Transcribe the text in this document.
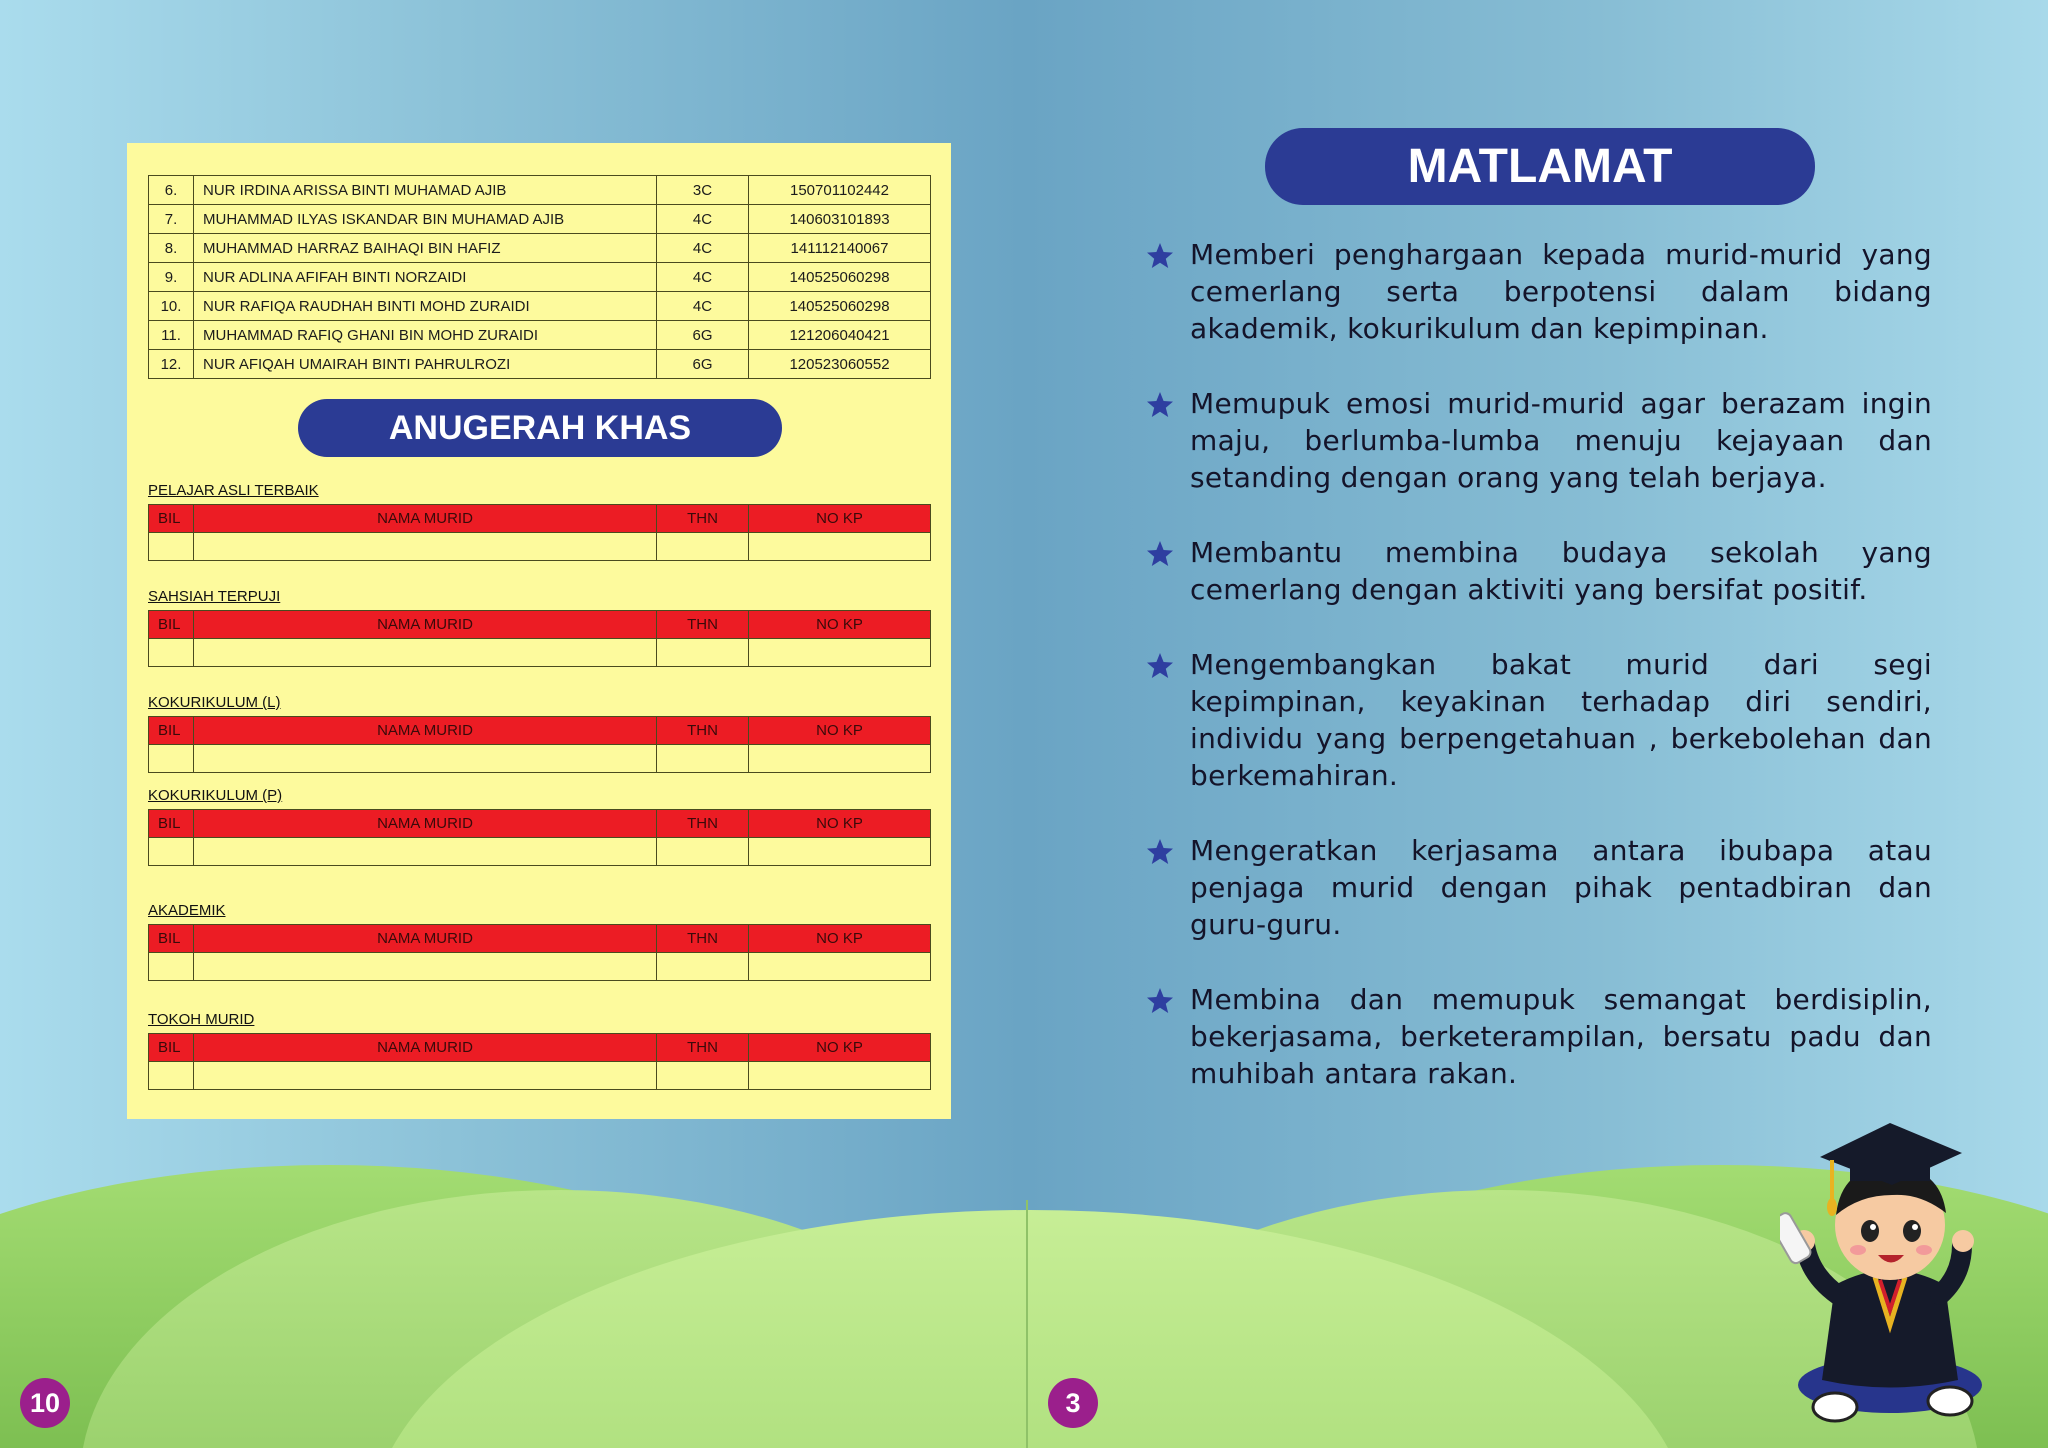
6.	NUR IRDINA ARISSA BINTI MUHAMAD AJIB	3C	150701102442
7.	MUHAMMAD ILYAS ISKANDAR BIN MUHAMAD AJIB	4C	140603101893
8.	MUHAMMAD HARRAZ BAIHAQI BIN HAFIZ	4C	141112140067
9.	NUR ADLINA AFIFAH BINTI NORZAIDI	4C	140525060298
10.	NUR RAFIQA RAUDHAH BINTI MOHD ZURAIDI	4C	140525060298
11.	MUHAMMAD RAFIQ GHANI BIN MOHD ZURAIDI	6G	121206040421
12.	NUR AFIQAH UMAIRAH BINTI PAHRULROZI	6G	120523060552
ANUGERAH KHAS
PELAJAR ASLI TERBAIK
BIL	NAMA MURID	THN	NO KP

SAHSIAH TERPUJI
BIL	NAMA MURID	THN	NO KP

KOKURIKULUM (L)
BIL	NAMA MURID	THN	NO KP

KOKURIKULUM (P)
BIL	NAMA MURID	THN	NO KP

AKADEMIK
BIL	NAMA MURID	THN	NO KP

TOKOH MURID
BIL	NAMA MURID	THN	NO KP

10
MATLAMAT
Memberi penghargaan kepada murid-murid yang cemerlang serta berpotensi dalam bidang akademik, kokurikulum dan kepimpinan.
Memupuk emosi murid-murid agar berazam ingin maju, berlumba-lumba menuju kejayaan dan setanding dengan orang yang telah berjaya.
Membantu membina budaya sekolah yang cemerlang dengan aktiviti yang bersifat positif.
Mengembangkan bakat murid dari segi kepimpinan, keyakinan terhadap diri sendiri, individu yang berpengetahuan , berkebolehan dan berkemahiran.
Mengeratkan kerjasama antara ibubapa atau penjaga murid dengan pihak pentadbiran dan guru-guru.
Membina dan memupuk semangat berdisiplin, bekerjasama, berketerampilan, bersatu padu dan muhibah antara rakan.
3
